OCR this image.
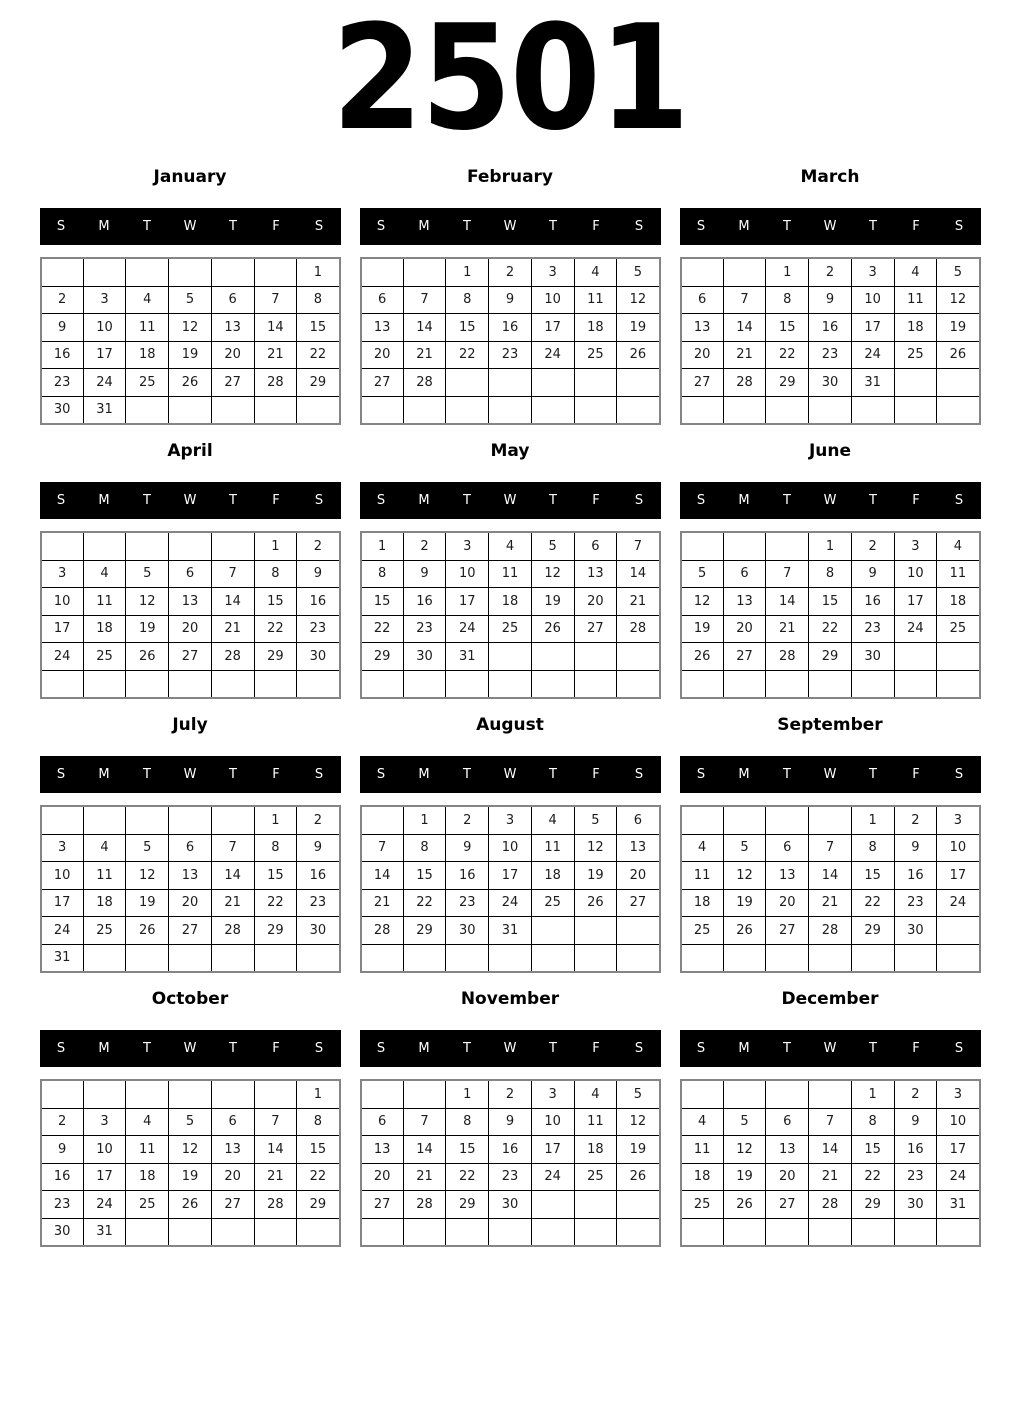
2501
January
S	M	T	W	T	F	S
						1
2	3	4	5	6	7	8
9	10	11	12	13	14	15
16	17	18	19	20	21	22
23	24	25	26	27	28	29
30	31					
February
S	M	T	W	T	F	S
		1	2	3	4	5
6	7	8	9	10	11	12
13	14	15	16	17	18	19
20	21	22	23	24	25	26
27	28					

March
S	M	T	W	T	F	S
		1	2	3	4	5
6	7	8	9	10	11	12
13	14	15	16	17	18	19
20	21	22	23	24	25	26
27	28	29	30	31		

April
S	M	T	W	T	F	S
					1	2
3	4	5	6	7	8	9
10	11	12	13	14	15	16
17	18	19	20	21	22	23
24	25	26	27	28	29	30

May
S	M	T	W	T	F	S
1	2	3	4	5	6	7
8	9	10	11	12	13	14
15	16	17	18	19	20	21
22	23	24	25	26	27	28
29	30	31				

June
S	M	T	W	T	F	S
			1	2	3	4
5	6	7	8	9	10	11
12	13	14	15	16	17	18
19	20	21	22	23	24	25
26	27	28	29	30		

July
S	M	T	W	T	F	S
					1	2
3	4	5	6	7	8	9
10	11	12	13	14	15	16
17	18	19	20	21	22	23
24	25	26	27	28	29	30
31						
August
S	M	T	W	T	F	S
	1	2	3	4	5	6
7	8	9	10	11	12	13
14	15	16	17	18	19	20
21	22	23	24	25	26	27
28	29	30	31			

September
S	M	T	W	T	F	S
				1	2	3
4	5	6	7	8	9	10
11	12	13	14	15	16	17
18	19	20	21	22	23	24
25	26	27	28	29	30	

October
S	M	T	W	T	F	S
						1
2	3	4	5	6	7	8
9	10	11	12	13	14	15
16	17	18	19	20	21	22
23	24	25	26	27	28	29
30	31					
November
S	M	T	W	T	F	S
		1	2	3	4	5
6	7	8	9	10	11	12
13	14	15	16	17	18	19
20	21	22	23	24	25	26
27	28	29	30			

December
S	M	T	W	T	F	S
				1	2	3
4	5	6	7	8	9	10
11	12	13	14	15	16	17
18	19	20	21	22	23	24
25	26	27	28	29	30	31
